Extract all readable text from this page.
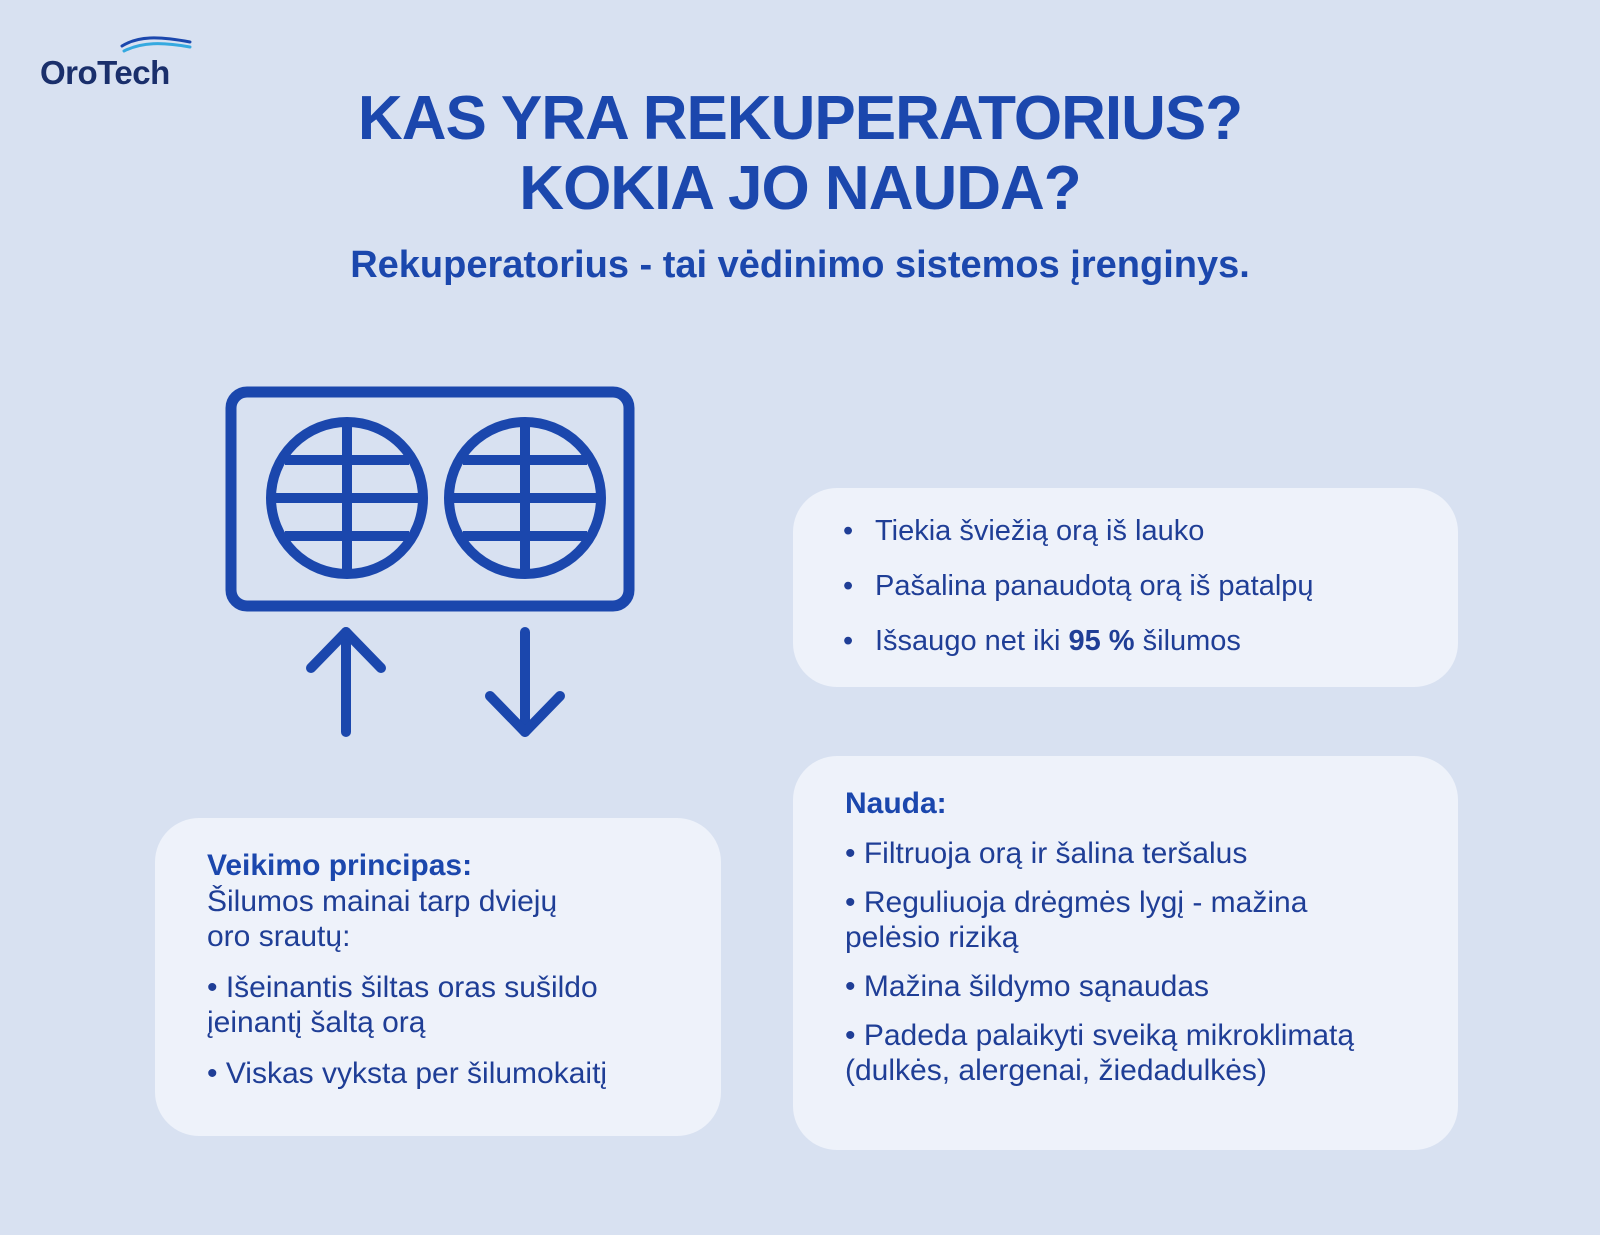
OroTech
KAS YRA REKUPERATORIUS?
KOKIA JO NAUDA?
Rekuperatorius - tai vėdinimo sistemos įrenginys.
• Tiekia šviežią orą iš lauko
• Pašalina panaudotą orą iš patalpų
• Išsaugo net iki 95 % šilumos
Veikimo principas:
Šilumos mainai tarp dviejų oro srautų:
• Išeinantis šiltas oras sušildo įeinantį šaltą orą
• Viskas vyksta per šilumokaitį
Nauda:
• Filtruoja orą ir šalina teršalus
• Reguliuoja drėgmės lygį - mažina pelėsio riziką
• Mažina šildymo sąnaudas
• Padeda palaikyti sveiką mikroklimatą (dulkės, alergenai, žiedadulkės)
